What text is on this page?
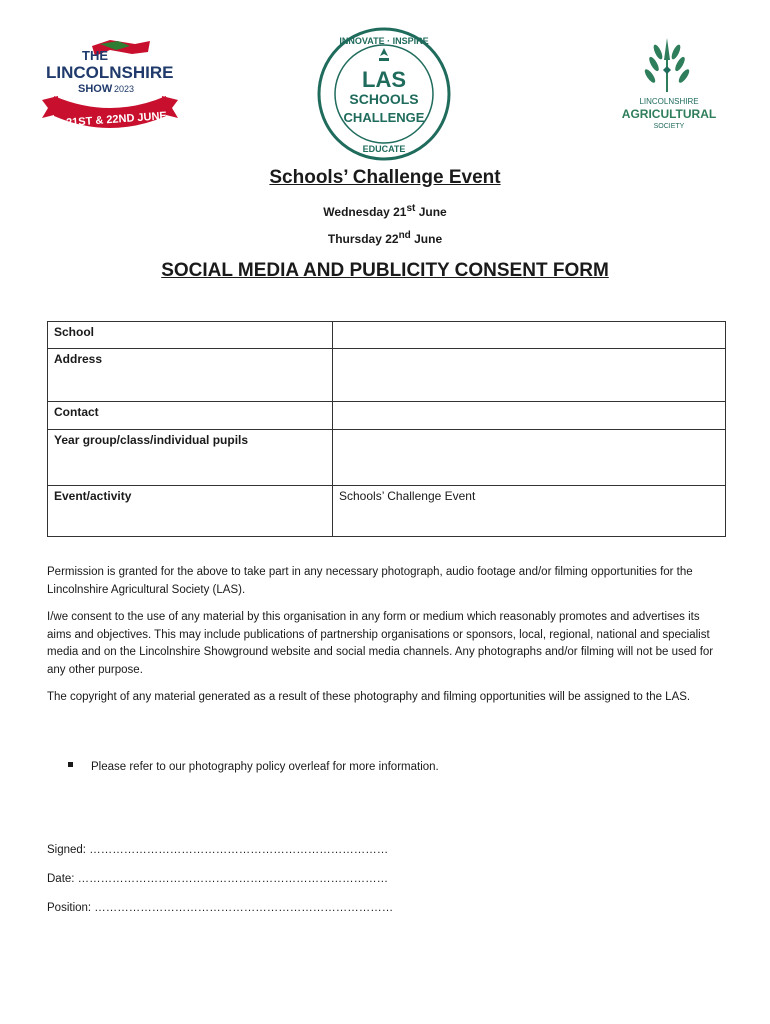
THE
LINCOLNSHIRE
SHOW 2023
21ST & 22ND JUNE
INNOVATE · INSPIRE
EDUCATE
LAS
SCHOOLS
CHALLENGE
LINCOLNSHIRE
AGRICULTURAL
SOCIETY
Schools’ Challenge Event
Wednesday 21st June
Thursday 22nd June
SOCIAL MEDIA AND PUBLICITY CONSENT FORM
School	
Address	
Contact	
Year group/class/individual pupils	
Event/activity	Schools’ Challenge Event
Permission is granted for the above to take part in any necessary photograph, audio footage and/or filming opportunities for the Lincolnshire Agricultural Society (LAS).
I/we consent to the use of any material by this organisation in any form or medium which reasonably promotes and advertises its aims and objectives. This may include publications of partnership organisations or sponsors, local, regional, national and specialist media and on the Lincolnshire Showground website and social media channels. Any photographs and/or filming will not be used for any other purpose.
The copyright of any material generated as a result of these photography and filming opportunities will be assigned to the LAS.
Please refer to our photography policy overleaf for more information.
Signed: ……………………………………………………………………
Date: ………………………………………………………………………
Position: ……………………………………………………………………
